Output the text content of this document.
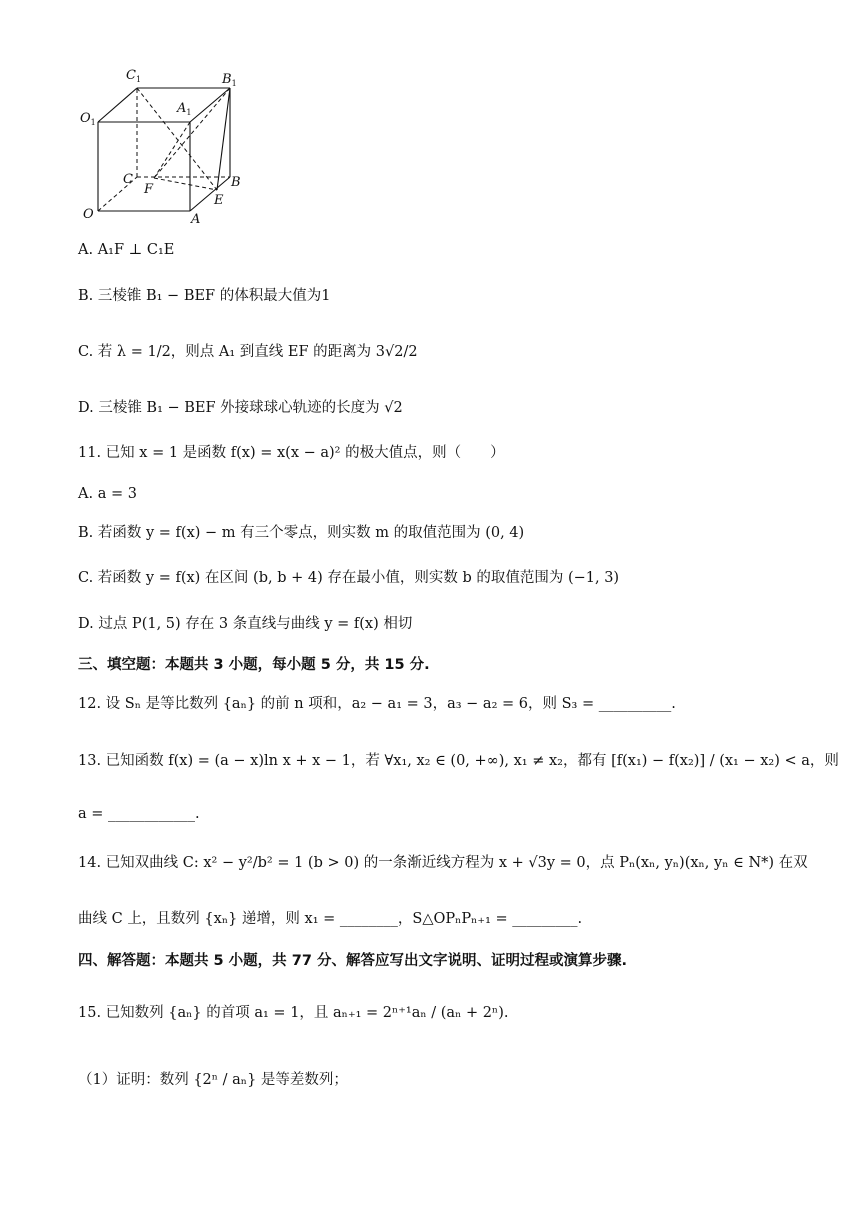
$C_1$	$B_1$
$A_1$
$O_1$
C
F	B
E
O	A
A. A₁F ⊥ C₁E
B. 三棱锥 B₁ − BEF 的体积最大值为1
C. 若 λ = 1/2，则点 A₁ 到直线 EF 的距离为 3√2/2
D. 三棱锥 B₁ − BEF 外接球球心轨迹的长度为 √2
11. 已知 x = 1 是函数 f(x) = x(x − a)² 的极大值点，则（　　）
A. a = 3
B. 若函数 y = f(x) − m 有三个零点，则实数 m 的取值范围为 (0, 4)
C. 若函数 y = f(x) 在区间 (b, b + 4) 存在最小值，则实数 b 的取值范围为 (−1, 3)
D. 过点 P(1, 5) 存在 3 条直线与曲线 y = f(x) 相切
三、填空题：本题共 3 小题，每小题 5 分，共 15 分.
12. 设 Sₙ 是等比数列 {aₙ} 的前 n 项和，a₂ − a₁ = 3，a₃ − a₂ = 6，则 S₃ = __________.
13. 已知函数 f(x) = (a − x)ln x + x − 1，若 ∀x₁, x₂ ∈ (0, +∞), x₁ ≠ x₂，都有 [f(x₁) − f(x₂)] / (x₁ − x₂) < a，则
a = ____________.
14. 已知双曲线 C: x² − y²/b² = 1 (b > 0) 的一条渐近线方程为 x + √3y = 0，点 Pₙ(xₙ, yₙ)(xₙ, yₙ ∈ N*) 在双
曲线 C 上，且数列 {xₙ} 递增，则 x₁ = ________，S△OPₙPₙ₊₁ = _________.
四、解答题：本题共 5 小题，共 77 分、解答应写出文字说明、证明过程或演算步骤.
15. 已知数列 {aₙ} 的首项 a₁ = 1，且 aₙ₊₁ = 2ⁿ⁺¹aₙ / (aₙ + 2ⁿ).
（1）证明：数列 {2ⁿ / aₙ} 是等差数列；
